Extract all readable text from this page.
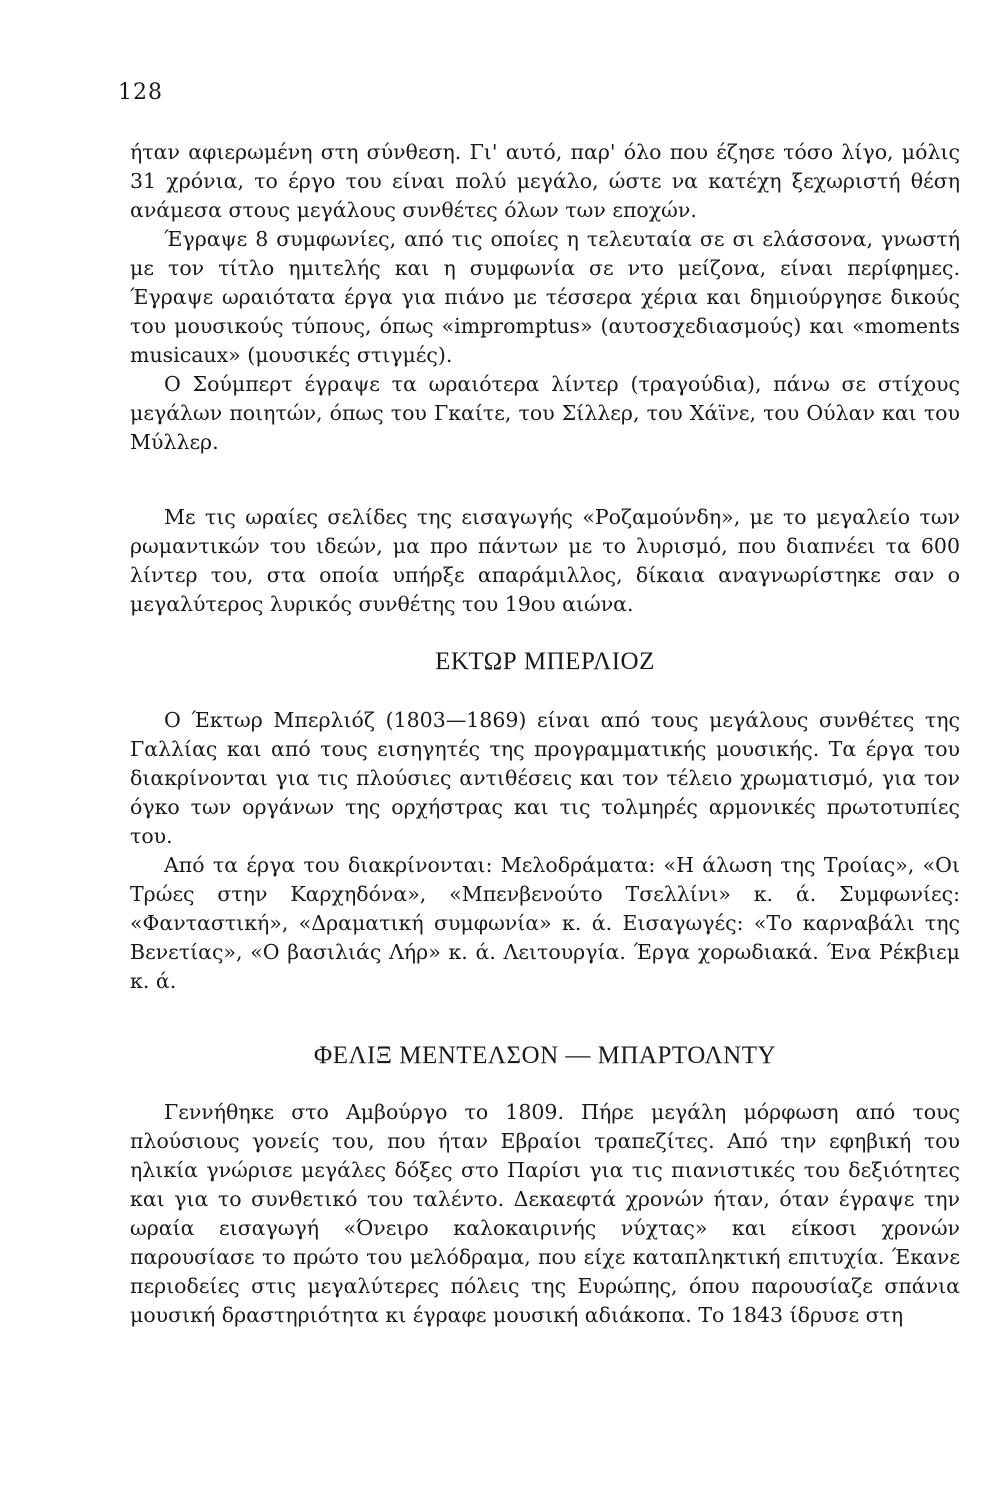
128

ήταν αφιερωμένη στη σύνθεση. Γι' αυτό, παρ' όλο που έζησε τόσο λίγο, μόλις 31 χρόνια, το έργο του είναι πολύ μεγάλο, ώστε να κατέχη ξεχωριστή θέση ανάμεσα στους μεγάλους συνθέτες όλων των εποχών.

Έγραψε 8 συμφωνίες, από τις οποίες η τελευταία σε σι ελάσσονα, γνωστή με τον τίτλο ημιτελής και η συμφωνία σε ντο μείζονα, είναι περίφημες. Έγραψε ωραιότατα έργα για πιάνο με τέσσερα χέρια και δημιούργησε δικούς του μουσικούς τύπους, όπως «impromptus» (αυτοσχεδιασμούς) και «moments musicaux» (μουσικές στιγμές).

Ο Σούμπερτ έγραψε τα ωραιότερα λίντερ (τραγούδια), πάνω σε στίχους μεγάλων ποιητών, όπως του Γκαίτε, του Σίλλερ, του Χάϊνε, του Ούλαν και του Μύλλερ.

Με τις ωραίες σελίδες της εισαγωγής «Ροζαμούνδη», με το μεγαλείο των ρωμαντικών του ιδεών, μα προ πάντων με το λυρισμό, που διαπνέει τα 600 λίντερ του, στα οποία υπήρξε απαράμιλλος, δίκαια αναγνωρίστηκε σαν ο μεγαλύτερος λυρικός συνθέτης του 19ου αιώνα.

ΕΚΤΩΡ ΜΠΕΡΛΙΟΖ

Ο Έκτωρ Μπερλιόζ (1803—1869) είναι από τους μεγάλους συνθέτες της Γαλλίας και από τους εισηγητές της προγραμματικής μουσικής. Τα έργα του διακρίνονται για τις πλούσιες αντιθέσεις και τον τέλειο χρωματισμό, για τον όγκο των οργάνων της ορχήστρας και τις τολμηρές αρμονικές πρωτοτυπίες του.

Από τα έργα του διακρίνονται: Μελοδράματα: «Η άλωση της Τροίας», «Οι Τρώες στην Καρχηδόνα», «Μπενβενούτο Τσελλίνι» κ. ά. Συμφωνίες: «Φανταστική», «Δραματική συμφωνία» κ. ά. Εισαγωγές: «Το καρναβάλι της Βενετίας», «Ο βασιλιάς Λήρ» κ. ά. Λειτουργία. Έργα χορωδιακά. Ένα Ρέκβιεμ κ. ά.

ΦΕΛΙΞ ΜΕΝΤΕΛΣΟΝ — ΜΠΑΡΤΟΛΝΤΥ

Γεννήθηκε στο Αμβούργο το 1809. Πήρε μεγάλη μόρφωση από τους πλούσιους γονείς του, που ήταν Εβραίοι τραπεζίτες. Από την εφηβική του ηλικία γνώρισε μεγάλες δόξες στο Παρίσι για τις πιανιστικές του δεξιότητες και για το συνθετικό του ταλέντο. Δεκαεφτά χρονών ήταν, όταν έγραψε την ωραία εισαγωγή «Όνειρο καλοκαιρινής νύχτας» και είκοσι χρονών παρουσίασε το πρώτο του μελόδραμα, που είχε καταπληκτική επιτυχία. Έκανε περιοδείες στις μεγαλύτερες πόλεις της Ευρώπης, όπου παρουσίαζε σπάνια μουσική δραστηριότητα κι έγραφε μουσική αδιάκοπα. Το 1843 ίδρυσε στη
